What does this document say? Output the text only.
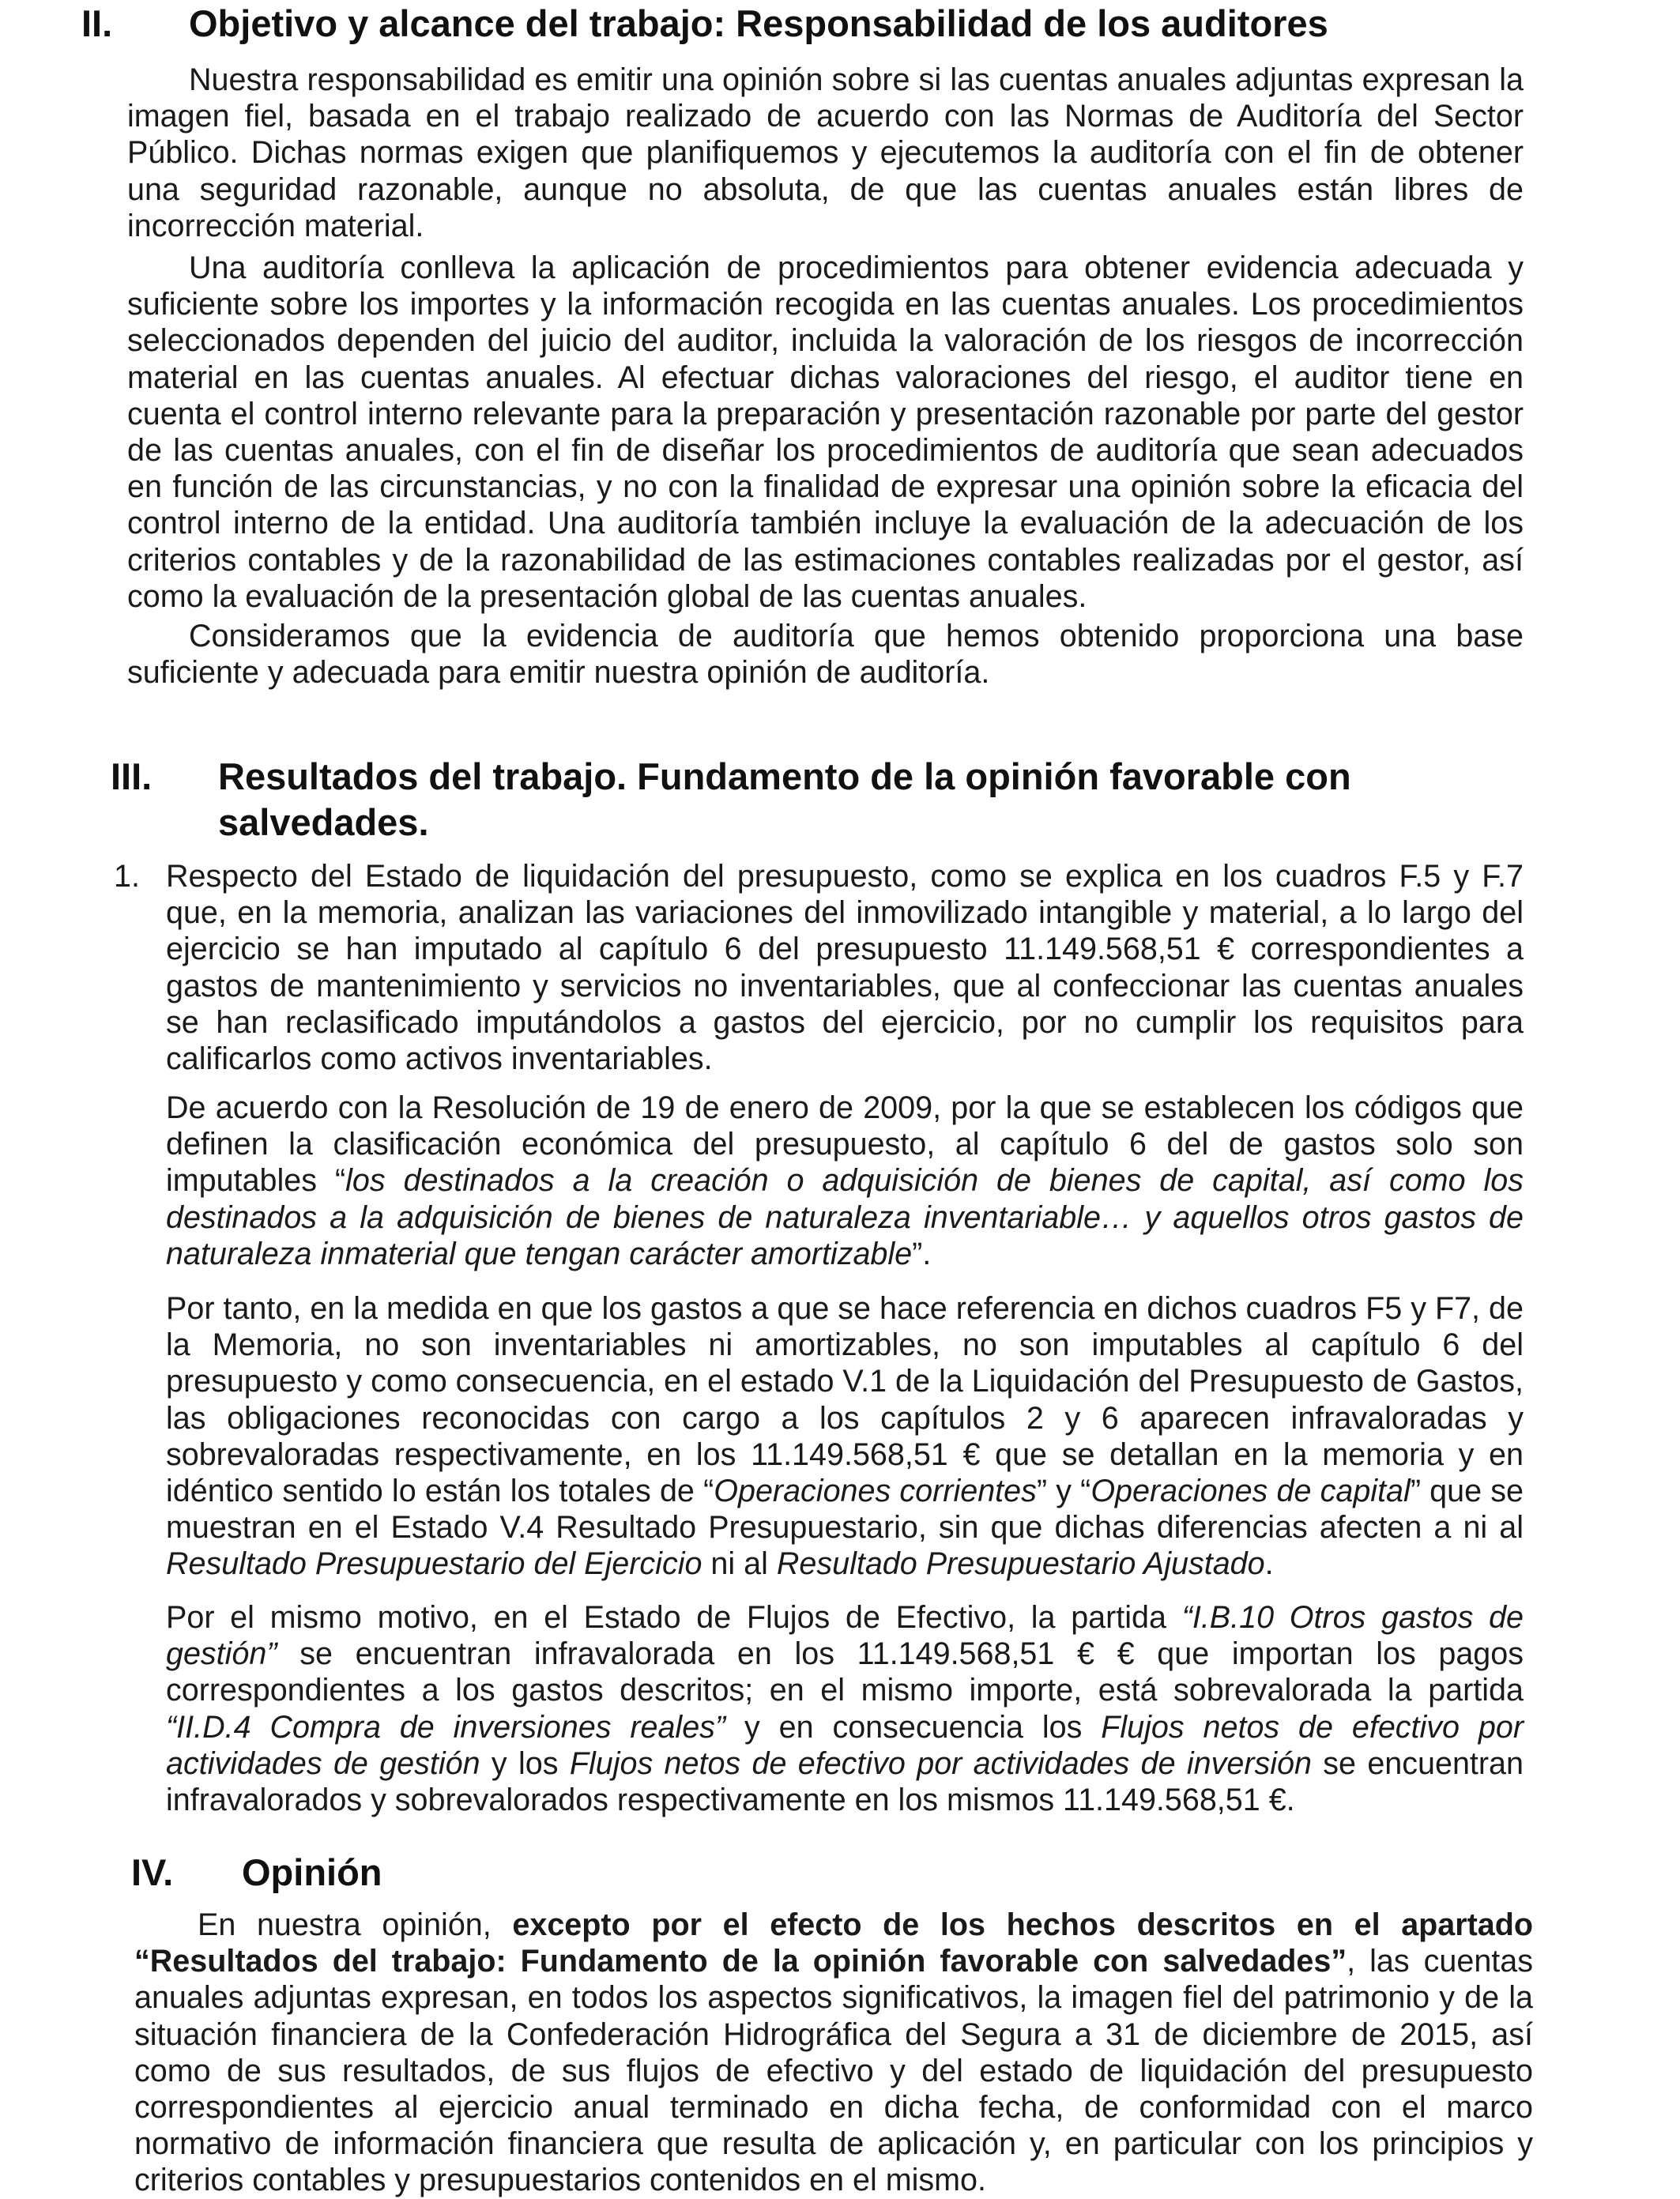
II. Objetivo y alcance del trabajo: Responsabilidad de los auditores

Nuestra responsabilidad es emitir una opinión sobre si las cuentas anuales adjuntas expresan la imagen fiel, basada en el trabajo realizado de acuerdo con las Normas de Auditoría del Sector Público. Dichas normas exigen que planifiquemos y ejecutemos la auditoría con el fin de obtener una seguridad razonable, aunque no absoluta, de que las cuentas anuales están libres de incorrección material.

Una auditoría conlleva la aplicación de procedimientos para obtener evidencia adecuada y suficiente sobre los importes y la información recogida en las cuentas anuales. Los procedimientos seleccionados dependen del juicio del auditor, incluida la valoración de los riesgos de incorrección material en las cuentas anuales. Al efectuar dichas valoraciones del riesgo, el auditor tiene en cuenta el control interno relevante para la preparación y presentación razonable por parte del gestor de las cuentas anuales, con el fin de diseñar los procedimientos de auditoría que sean adecuados en función de las circunstancias, y no con la finalidad de expresar una opinión sobre la eficacia del control interno de la entidad. Una auditoría también incluye la evaluación de la adecuación de los criterios contables y de la razonabilidad de las estimaciones contables realizadas por el gestor, así como la evaluación de la presentación global de las cuentas anuales.

Consideramos que la evidencia de auditoría que hemos obtenido proporciona una base suficiente y adecuada para emitir nuestra opinión de auditoría.

III. Resultados del trabajo. Fundamento de la opinión favorable con
salvedades.

1. Respecto del Estado de liquidación del presupuesto, como se explica en los cuadros F.5 y F.7 que, en la memoria, analizan las variaciones del inmovilizado intangible y material, a lo largo del ejercicio se han imputado al capítulo 6 del presupuesto 11.149.568,51 € correspondientes a gastos de mantenimiento y servicios no inventariables, que al confeccionar las cuentas anuales se han reclasificado imputándolos a gastos del ejercicio, por no cumplir los requisitos para calificarlos como activos inventariables.

De acuerdo con la Resolución de 19 de enero de 2009, por la que se establecen los códigos que definen la clasificación económica del presupuesto, al capítulo 6 del de gastos solo son imputables “los destinados a la creación o adquisición de bienes de capital, así como los destinados a la adquisición de bienes de naturaleza inventariable… y aquellos otros gastos de naturaleza inmaterial que tengan carácter amortizable”.

Por tanto, en la medida en que los gastos a que se hace referencia en dichos cuadros F5 y F7, de la Memoria, no son inventariables ni amortizables, no son imputables al capítulo 6 del presupuesto y como consecuencia, en el estado V.1 de la Liquidación del Presupuesto de Gastos, las obligaciones reconocidas con cargo a los capítulos 2 y 6 aparecen infravaloradas y sobrevaloradas respectivamente, en los 11.149.568,51 € que se detallan en la memoria y en idéntico sentido lo están los totales de “Operaciones corrientes” y “Operaciones de capital” que se muestran en el Estado V.4 Resultado Presupuestario, sin que dichas diferencias afecten a ni al Resultado Presupuestario del Ejercicio ni al Resultado Presupuestario Ajustado.

Por el mismo motivo, en el Estado de Flujos de Efectivo, la partida “I.B.10 Otros gastos de gestión” se encuentran infravalorada en los 11.149.568,51 € € que importan los pagos correspondientes a los gastos descritos; en el mismo importe, está sobrevalorada la partida “II.D.4 Compra de inversiones reales” y en consecuencia los Flujos netos de efectivo por actividades de gestión y los Flujos netos de efectivo por actividades de inversión se encuentran infravalorados y sobrevalorados respectivamente en los mismos 11.149.568,51 €.

IV. Opinión

En nuestra opinión, excepto por el efecto de los hechos descritos en el apartado “Resultados del trabajo: Fundamento de la opinión favorable con salvedades”, las cuentas anuales adjuntas expresan, en todos los aspectos significativos, la imagen fiel del patrimonio y de la situación financiera de la Confederación Hidrográfica del Segura a 31 de diciembre de 2015, así como de sus resultados, de sus flujos de efectivo y del estado de liquidación del presupuesto correspondientes al ejercicio anual terminado en dicha fecha, de conformidad con el marco normativo de información financiera que resulta de aplicación y, en particular con los principios y criterios contables y presupuestarios contenidos en el mismo.
